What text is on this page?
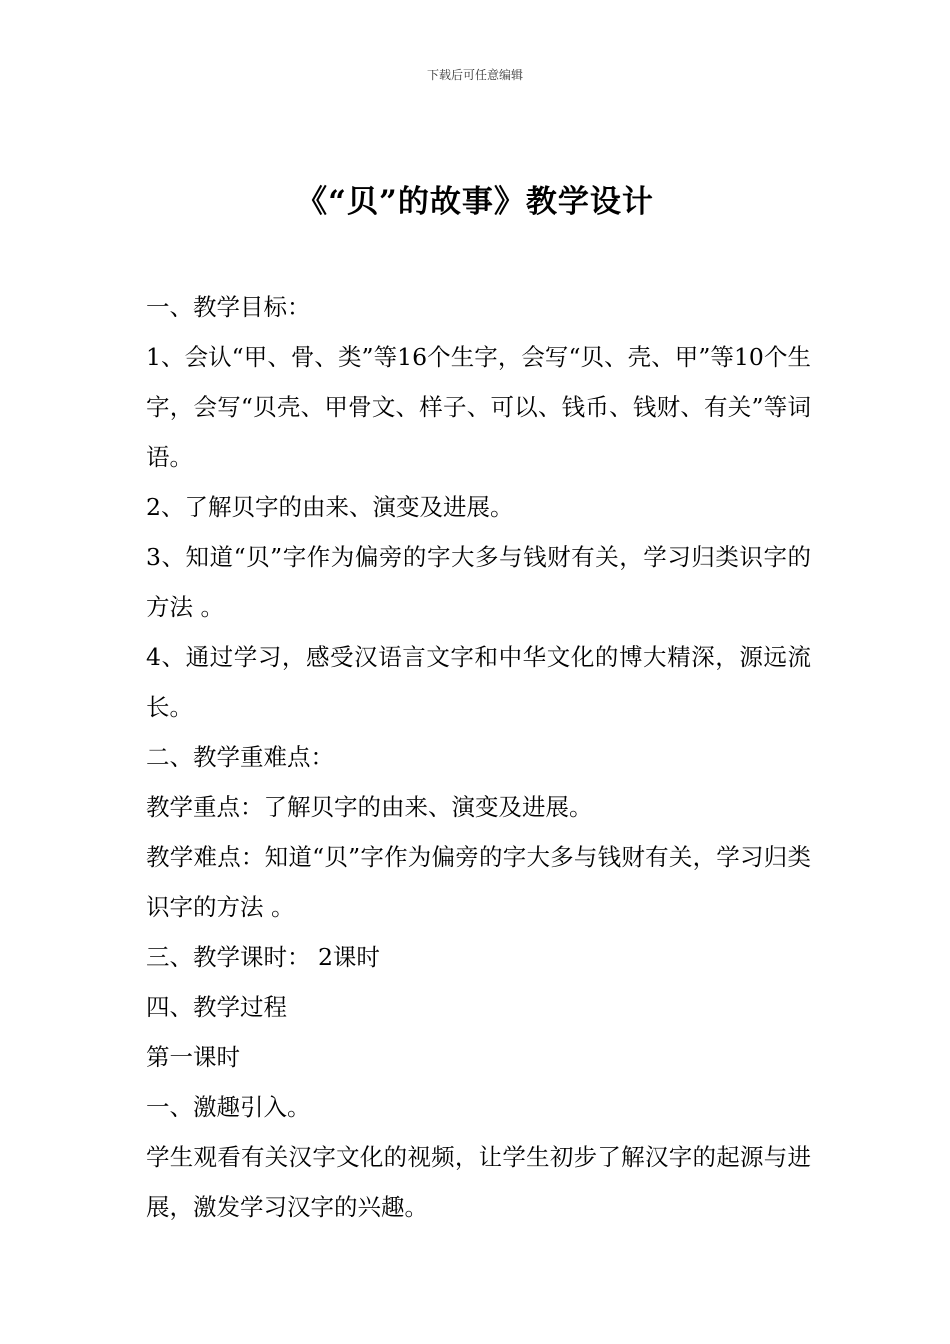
下载后可任意编辑
《“贝”的故事》教学设计

一、教学目标：

1、会认“甲、骨、类”等16个生字，会写“贝、壳、甲”等10个生字，会写“贝壳、甲骨文、样子、可以、钱币、钱财、有关”等词语。

2、了解贝字的由来、演变及进展。

3、知道“贝”字作为偏旁的字大多与钱财有关，学习归类识字的方法 。

4、通过学习，感受汉语言文字和中华文化的博大精深，源远流长。

二、教学重难点：

教学重点：了解贝字的由来、演变及进展。

教学难点：知道“贝”字作为偏旁的字大多与钱财有关，学习归类识字的方法 。

三、教学课时： 2课时

四、教学过程

第一课时

一、激趣引入。

学生观看有关汉字文化的视频，让学生初步了解汉字的起源与进展，激发学习汉字的兴趣。
